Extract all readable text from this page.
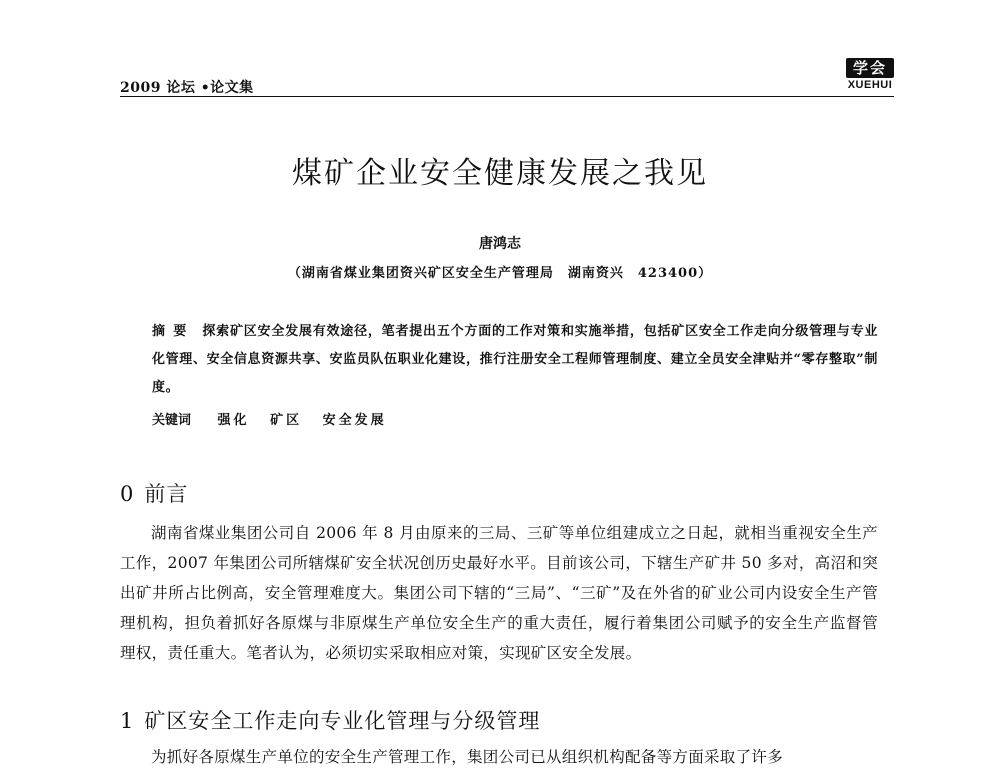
2009 论坛 •论文集
学会
XUEHUI
煤矿企业安全健康发展之我见
唐鸿志
（湖南省煤业集团资兴矿区安全生产管理局　湖南资兴　423400）

摘要 探索矿区安全发展有效途径，笔者提出五个方面的工作对策和实施举措，包括矿区安全工作走向分级管理与专业化管理、安全信息资源共享、安监员队伍职业化建设，推行注册安全工程师管理制度、建立全员安全津贴并“零存整取”制度。

关键词 强化 矿区 安全发展
0 前言

湖南省煤业集团公司自 2006 年 8 月由原来的三局、三矿等单位组建成立之日起，就相当重视安全生产工作，2007 年集团公司所辖煤矿安全状况创历史最好水平。目前该公司，下辖生产矿井 50 多对，高沼和突出矿井所占比例高，安全管理难度大。集团公司下辖的“三局”、“三矿”及在外省的矿业公司内设安全生产管理机构，担负着抓好各原煤与非原煤生产单位安全生产的重大责任，履行着集团公司赋予的安全生产监督管理权，责任重大。笔者认为，必须切实采取相应对策，实现矿区安全发展。

1 矿区安全工作走向专业化管理与分级管理

为抓好各原煤生产单位的安全生产管理工作，集团公司已从组织机构配备等方面采取了许多
